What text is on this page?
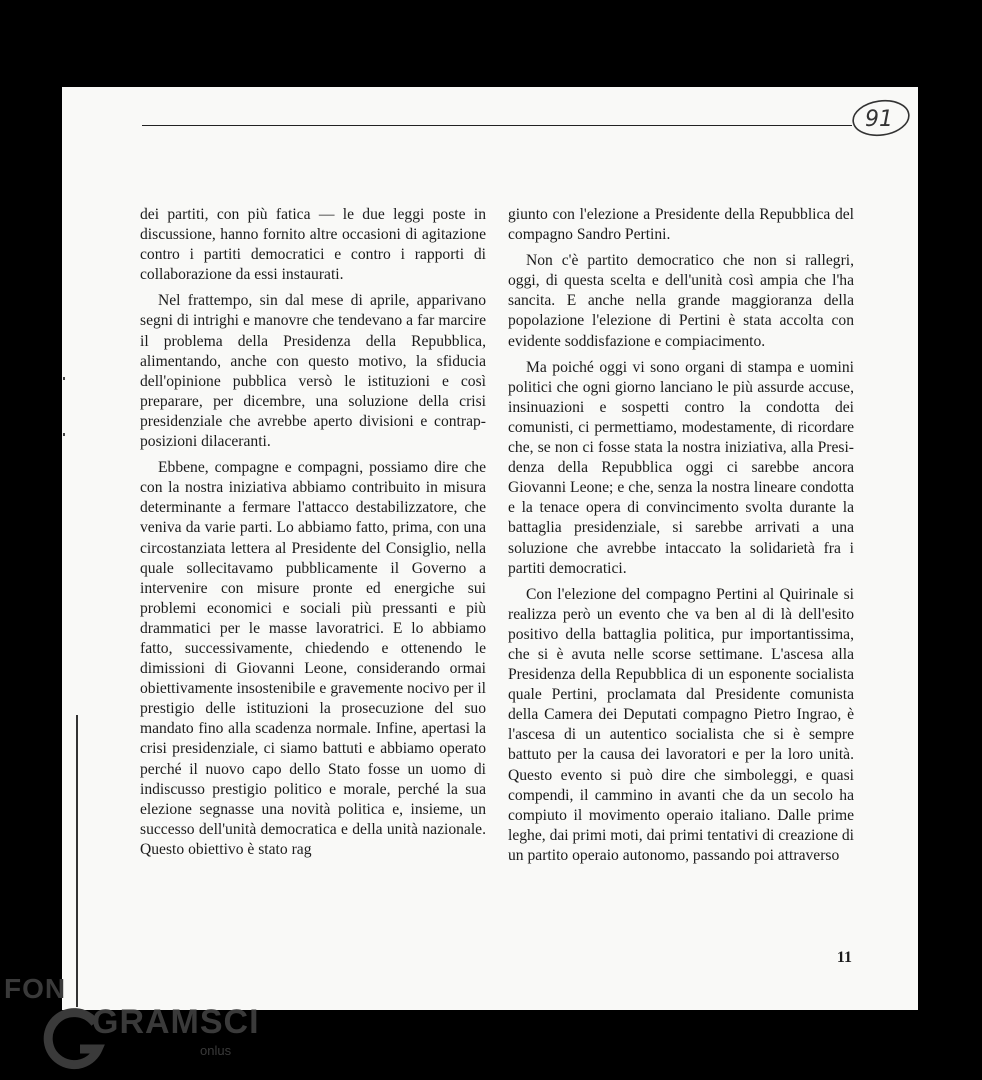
91

dei partiti, con più fatica — le due leggi poste in discussione, hanno fornito altre occasioni di agitazione contro i partiti democratici e contro i rapporti di collaborazione da essi instaurati.

Nel frattempo, sin dal mese di aprile, apparivano segni di intrighi e manovre che tendevano a far marcire il problema della Presidenza della Repubblica, alimentando, anche con questo motivo, la sfiducia dell'opinione pubblica versò le istituzioni e così preparare, per dicembre, una soluzione della crisi presidenziale che avrebbe aperto divisioni e contrapposizioni dilaceranti.

Ebbene, compagne e compagni, possiamo dire che con la nostra iniziativa abbiamo contribuito in misura determinante a fermare l'attacco destabilizzatore, che veniva da varie parti. Lo abbiamo fatto, prima, con una circostanziata lettera al Presidente del Consiglio, nella quale sollecitavamo pubblicamente il Governo a intervenire con misure pronte ed energiche sui problemi economici e sociali più pressanti e più drammatici per le masse lavoratrici. E lo abbiamo fatto, successivamente, chiedendo e ottenendo le dimissioni di Giovanni Leone, considerando ormai obiettivamente insostenibile e gravemente nocivo per il prestigio delle istituzioni la prosecuzione del suo mandato fino alla scadenza normale. Infine, apertasi la crisi presidenziale, ci siamo battuti e abbiamo operato perché il nuovo capo dello Stato fosse un uomo di indiscusso prestigio politico e morale, perché la sua elezione segnasse una novità politica e, insieme, un successo dell'unità democratica e della unità nazionale. Questo obiettivo è stato rag

giunto con l'elezione a Presidente della Repubblica del compagno Sandro Pertini.

Non c'è partito democratico che non si rallegri, oggi, di questa scelta e dell'unità così ampia che l'ha sancita. E anche nella grande maggioranza della popolazione l'elezione di Pertini è stata accolta con evidente soddisfazione e compiacimento.

Ma poiché oggi vi sono organi di stampa e uomini politici che ogni giorno lanciano le più assurde accuse, insinuazioni e sospetti contro la condotta dei comunisti, ci permettiamo, modestamente, di ricordare che, se non ci fosse stata la nostra iniziativa, alla Presidenza della Repubblica oggi ci sarebbe ancora Giovanni Leone; e che, senza la nostra lineare condotta e la tenace opera di convincimento svolta durante la battaglia presidenziale, si sarebbe arrivati a una soluzione che avrebbe intaccato la solidarietà fra i partiti democratici.

Con l'elezione del compagno Pertini al Quirinale si realizza però un evento che va ben al di là dell'esito positivo della battaglia politica, pur importantissima, che si è avuta nelle scorse settimane. L'ascesa alla Presidenza della Repubblica di un esponente socialista quale Pertini, proclamata dal Presidente comunista della Camera dei Deputati compagno Pietro Ingrao, è l'ascesa di un autentico socialista che si è sempre battuto per la causa dei lavoratori e per la loro unità. Questo evento si può dire che simboleggi, e quasi compendi, il cammino in avanti che da un secolo ha compiuto il movimento operaio italiano. Dalle prime leghe, dai primi moti, dai primi tentativi di creazione di un partito operaio autonomo, passando poi attraverso

11
FON
GRAMSCI
onlus
